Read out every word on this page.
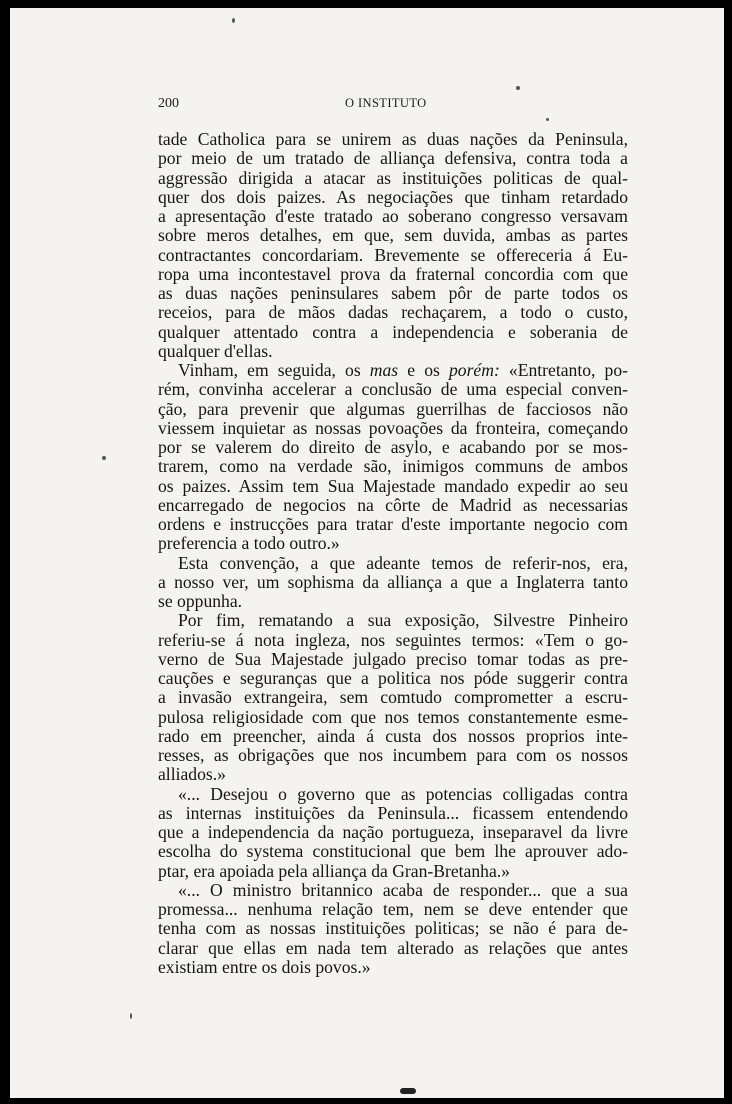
200	O INSTITUTO
tade Catholica para se unirem as duas nações da Peninsula,
por meio de um tratado de alliança defensiva, contra toda a
aggressão dirigida a atacar as instituições politicas de qual-
quer dos dois paizes. As negociações que tinham retardado
a apresentação d'este tratado ao soberano congresso versavam
sobre meros detalhes, em que, sem duvida, ambas as partes
contractantes concordariam. Brevemente se offereceria á Eu-
ropa uma incontestavel prova da fraternal concordia com que
as duas nações peninsulares sabem pôr de parte todos os
receios, para de mãos dadas rechaçarem, a todo o custo,
qualquer attentado contra a independencia e soberania de
qualquer d'ellas.
Vinham, em seguida, os mas e os porém: «Entretanto, po-
rém, convinha accelerar a conclusão de uma especial conven-
ção, para prevenir que algumas guerrilhas de facciosos não
viessem inquietar as nossas povoações da fronteira, começando
por se valerem do direito de asylo, e acabando por se mos-
trarem, como na verdade são, inimigos communs de ambos
os paizes. Assim tem Sua Majestade mandado expedir ao seu
encarregado de negocios na côrte de Madrid as necessarias
ordens e instrucções para tratar d'este importante negocio com
preferencia a todo outro.»
Esta convenção, a que adeante temos de referir-nos, era,
a nosso ver, um sophisma da alliança a que a Inglaterra tanto
se oppunha.
Por fim, rematando a sua exposição, Silvestre Pinheiro
referiu-se á nota ingleza, nos seguintes termos: «Tem o go-
verno de Sua Majestade julgado preciso tomar todas as pre-
cauções e seguranças que a politica nos póde suggerir contra
a invasão extrangeira, sem comtudo comprometter a escru-
pulosa religiosidade com que nos temos constantemente esme-
rado em preencher, ainda á custa dos nossos proprios inte-
resses, as obrigações que nos incumbem para com os nossos
alliados.»
«... Desejou o governo que as potencias colligadas contra
as internas instituições da Peninsula... ficassem entendendo
que a independencia da nação portugueza, inseparavel da livre
escolha do systema constitucional que bem lhe aprouver ado-
ptar, era apoiada pela alliança da Gran-Bretanha.»
«... O ministro britannico acaba de responder... que a sua
promessa... nenhuma relação tem, nem se deve entender que
tenha com as nossas instituições politicas; se não é para de-
clarar que ellas em nada tem alterado as relações que antes
existiam entre os dois povos.»
